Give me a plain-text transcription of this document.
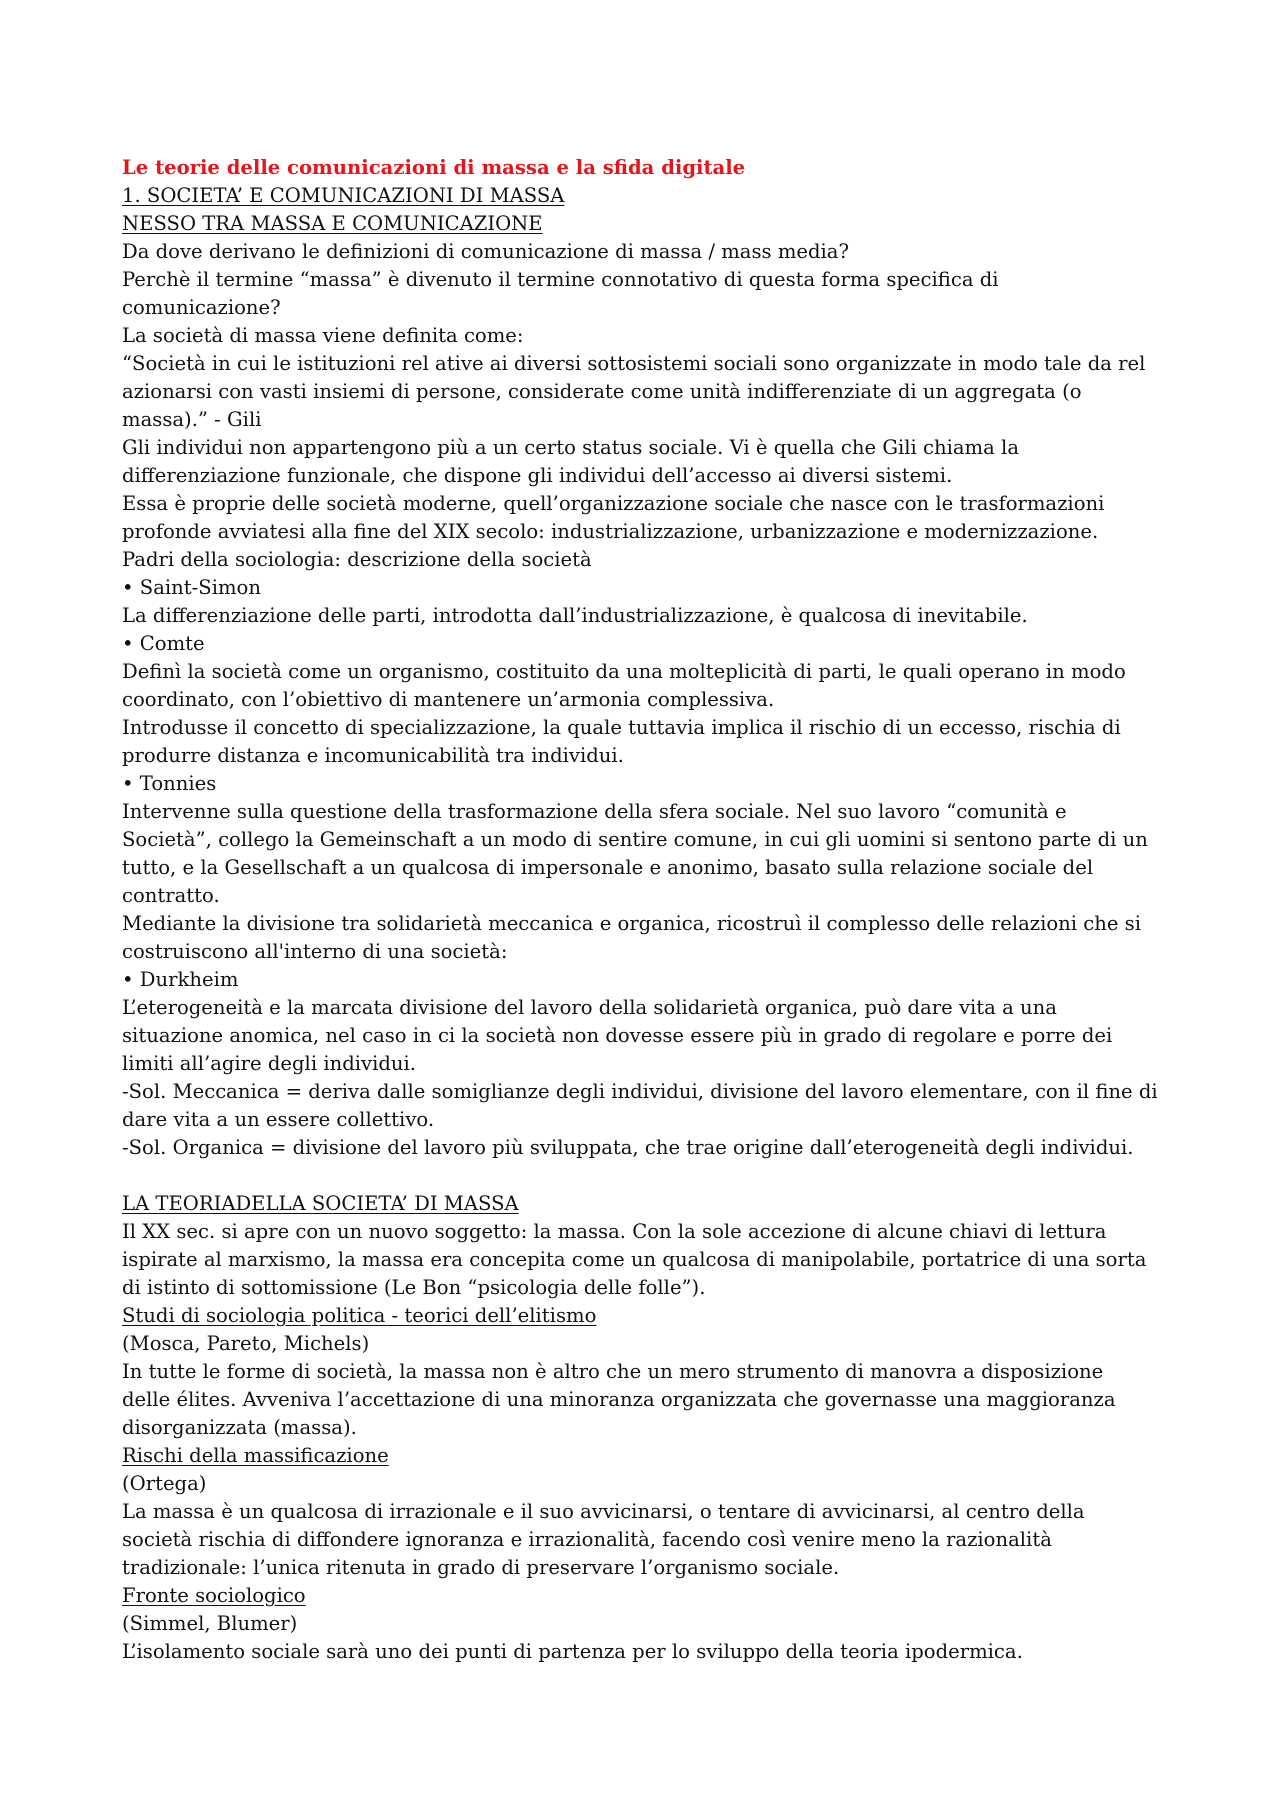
Le teorie delle comunicazioni di massa e la sfida digitale
1. SOCIETA’ E COMUNICAZIONI DI MASSA
NESSO TRA MASSA E COMUNICAZIONE
Da dove derivano le definizioni di comunicazione di massa / mass media?
Perchè il termine “massa” è divenuto il termine connotativo di questa forma specifica di
comunicazione?
La società di massa viene definita come:
“Società in cui le istituzioni rel ative ai diversi sottosistemi sociali sono organizzate in modo tale da rel
azionarsi con vasti insiemi di persone, considerate come unità indifferenziate di un aggregata (o
massa).” - Gili
Gli individui non appartengono più a un certo status sociale. Vi è quella che Gili chiama la
differenziazione funzionale, che dispone gli individui dell’accesso ai diversi sistemi.
Essa è proprie delle società moderne, quell’organizzazione sociale che nasce con le trasformazioni
profonde avviatesi alla fine del XIX secolo: industrializzazione, urbanizzazione e modernizzazione.
Padri della sociologia: descrizione della società
• Saint-Simon
La differenziazione delle parti, introdotta dall’industrializzazione, è qualcosa di inevitabile.
• Comte
Definì la società come un organismo, costituito da una molteplicità di parti, le quali operano in modo
coordinato, con l’obiettivo di mantenere un’armonia complessiva.
Introdusse il concetto di specializzazione, la quale tuttavia implica il rischio di un eccesso, rischia di
produrre distanza e incomunicabilità tra individui.
• Tonnies
Intervenne sulla questione della trasformazione della sfera sociale. Nel suo lavoro “comunità e
Società”, collego la Gemeinschaft a un modo di sentire comune, in cui gli uomini si sentono parte di un
tutto, e la Gesellschaft a un qualcosa di impersonale e anonimo, basato sulla relazione sociale del
contratto.
Mediante la divisione tra solidarietà meccanica e organica, ricostruì il complesso delle relazioni che si
costruiscono all'interno di una società:
• Durkheim
L’eterogeneità e la marcata divisione del lavoro della solidarietà organica, può dare vita a una
situazione anomica, nel caso in ci la società non dovesse essere più in grado di regolare e porre dei
limiti all’agire degli individui.
-Sol. Meccanica = deriva dalle somiglianze degli individui, divisione del lavoro elementare, con il fine di
dare vita a un essere collettivo.
-Sol. Organica = divisione del lavoro più sviluppata, che trae origine dall’eterogeneità degli individui.
LA TEORIADELLA SOCIETA’ DI MASSA
Il XX sec. si apre con un nuovo soggetto: la massa. Con la sole accezione di alcune chiavi di lettura
ispirate al marxismo, la massa era concepita come un qualcosa di manipolabile, portatrice di una sorta
di istinto di sottomissione (Le Bon “psicologia delle folle”).
Studi di sociologia politica - teorici dell’elitismo
(Mosca, Pareto, Michels)
In tutte le forme di società, la massa non è altro che un mero strumento di manovra a disposizione
delle élites. Avveniva l’accettazione di una minoranza organizzata che governasse una maggioranza
disorganizzata (massa).
Rischi della massificazione
(Ortega)
La massa è un qualcosa di irrazionale e il suo avvicinarsi, o tentare di avvicinarsi, al centro della
società rischia di diffondere ignoranza e irrazionalità, facendo così venire meno la razionalità
tradizionale: l’unica ritenuta in grado di preservare l’organismo sociale.
Fronte sociologico
(Simmel, Blumer)
L’isolamento sociale sarà uno dei punti di partenza per lo sviluppo della teoria ipodermica.
